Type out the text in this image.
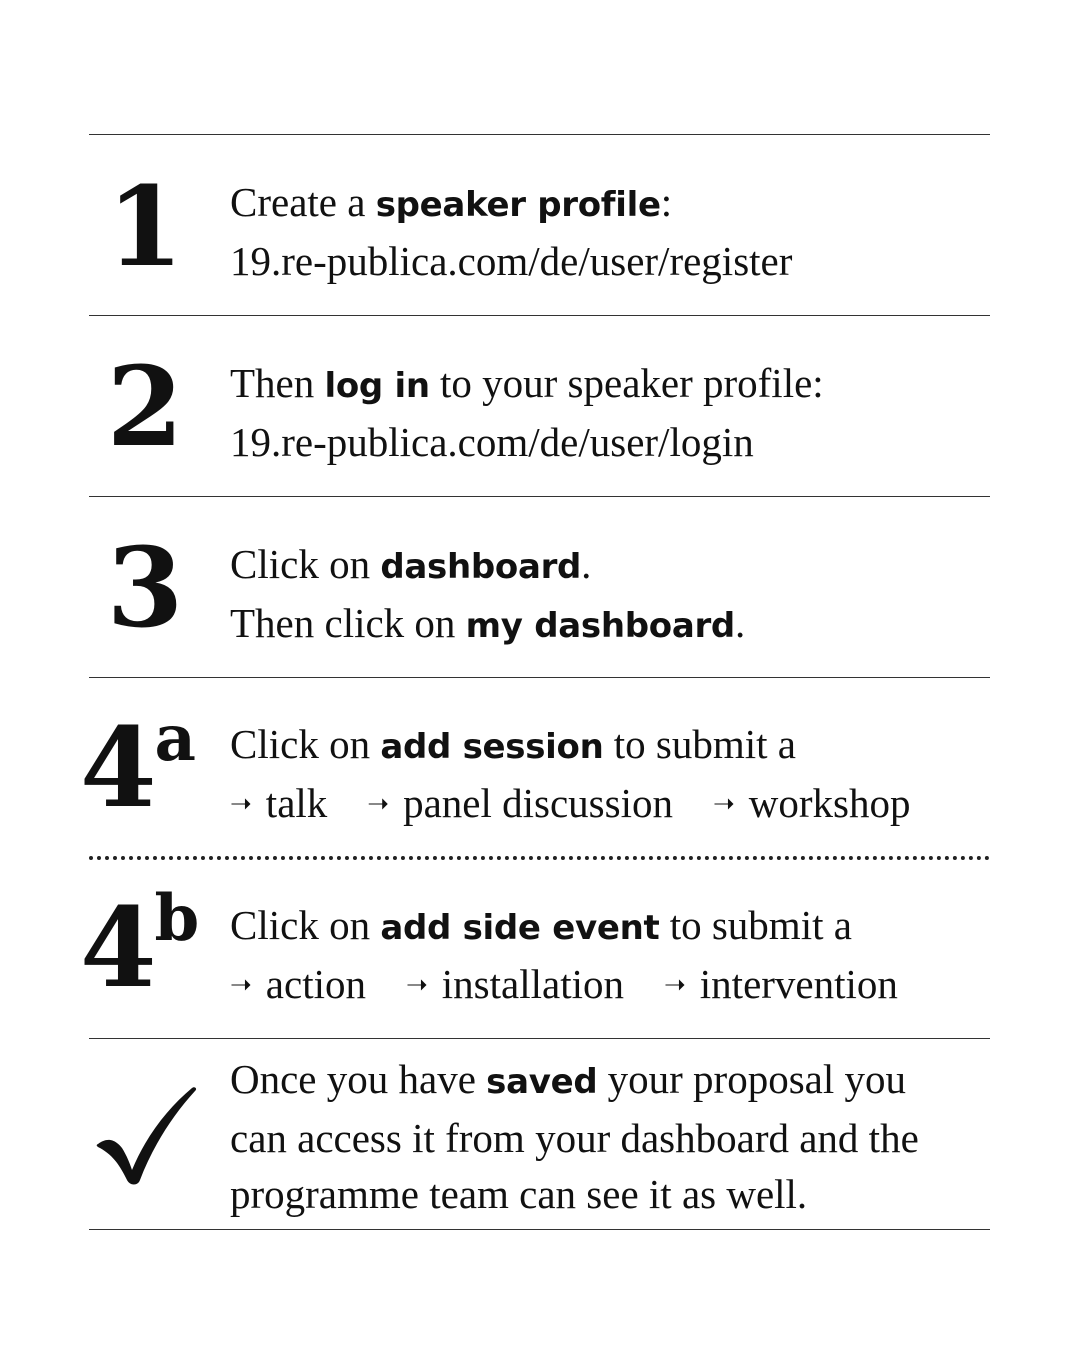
1	Create a speaker profile:
19.re-publica.com/de/user/register
2	Then log in to your speaker profile:
19.re-publica.com/de/user/login
3	Click on dashboard.
Then click on my dashboard.
4$^a$ Click on add session to submit a
➝ talk ➝ panel discussion ➝ workshop
4$^b$ Click on add side event to submit a
➝ action ➝ installation ➝ intervention
Once you have saved your proposal you
can access it from your dashboard and the
programme team can see it as well.
